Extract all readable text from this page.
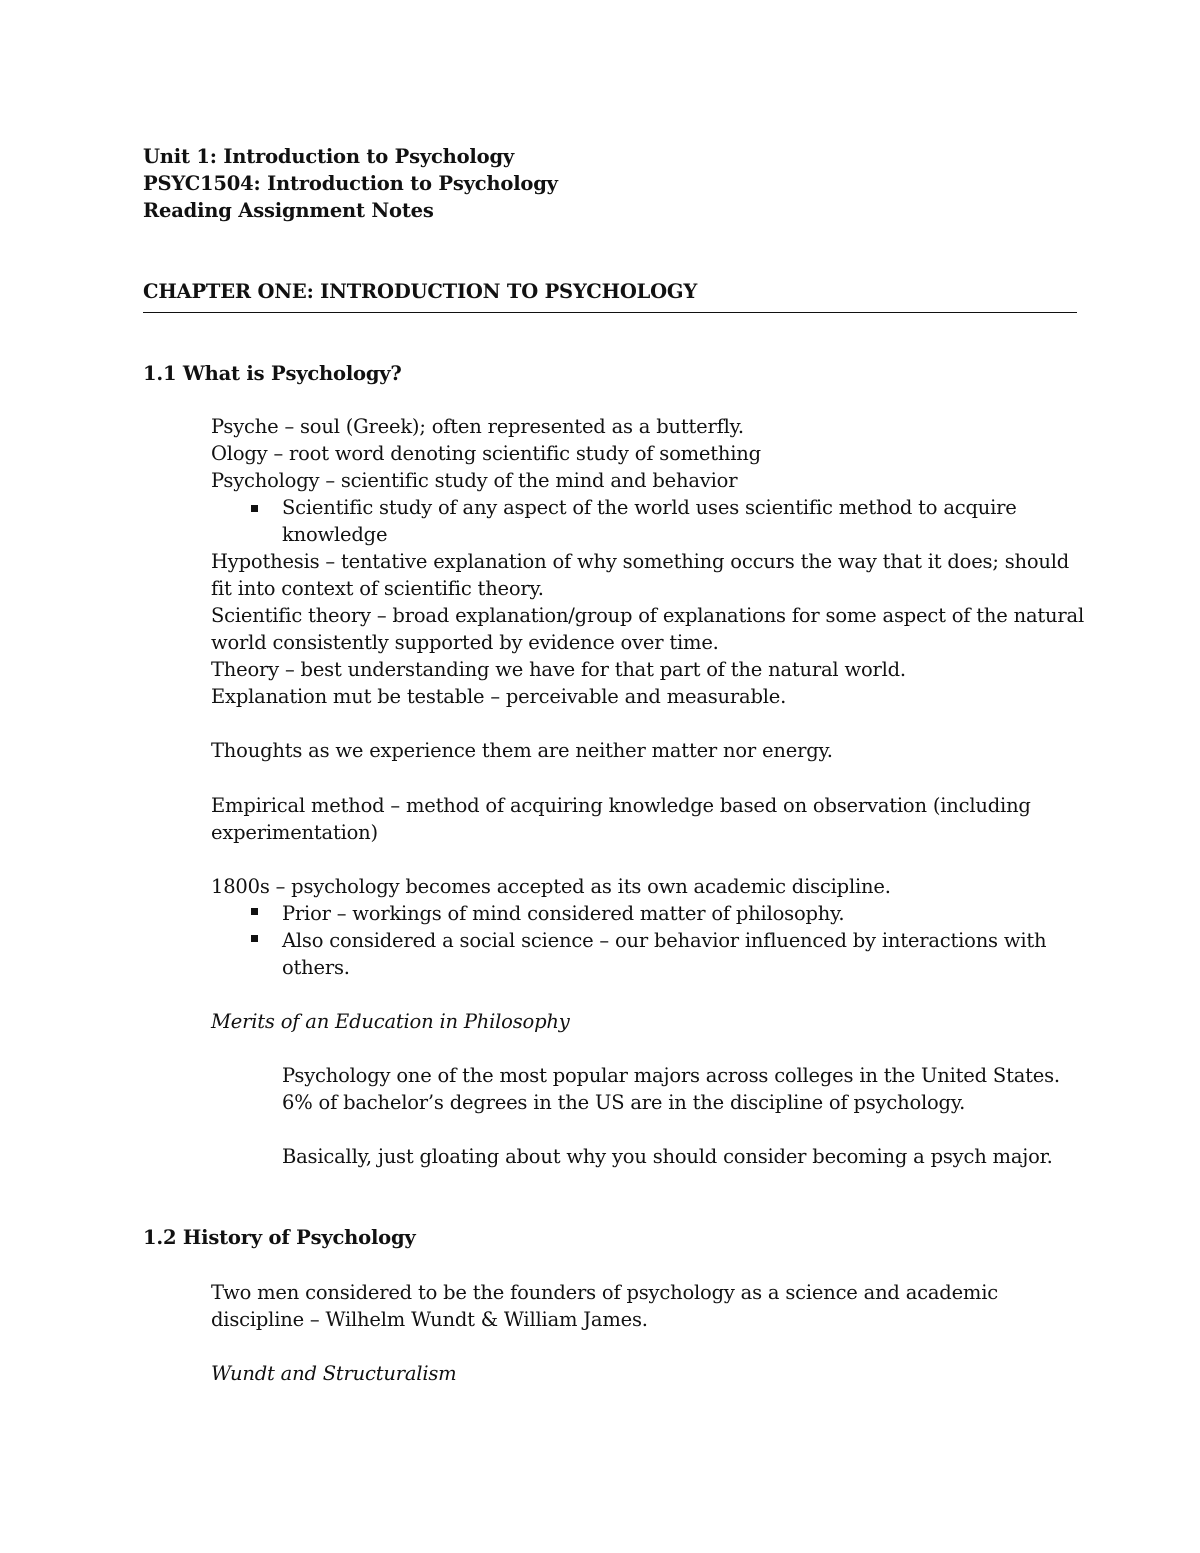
Unit 1: Introduction to Psychology
PSYC1504: Introduction to Psychology
Reading Assignment Notes
CHAPTER ONE: INTRODUCTION TO PSYCHOLOGY
1.1 What is Psychology?
Psyche – soul (Greek); often represented as a butterfly.
Ology – root word denoting scientific study of something
Psychology – scientific study of the mind and behavior
Scientific study of any aspect of the world uses scientific method to acquire
knowledge
Hypothesis – tentative explanation of why something occurs the way that it does; should
fit into context of scientific theory.
Scientific theory – broad explanation/group of explanations for some aspect of the natural
world consistently supported by evidence over time.
Theory – best understanding we have for that part of the natural world.
Explanation mut be testable – perceivable and measurable.
Thoughts as we experience them are neither matter nor energy.
Empirical method – method of acquiring knowledge based on observation (including
experimentation)
1800s – psychology becomes accepted as its own academic discipline.
Prior – workings of mind considered matter of philosophy.
Also considered a social science – our behavior influenced by interactions with
others.
Merits of an Education in Philosophy
Psychology one of the most popular majors across colleges in the United States.
6% of bachelor’s degrees in the US are in the discipline of psychology.
Basically, just gloating about why you should consider becoming a psych major.
1.2 History of Psychology
Two men considered to be the founders of psychology as a science and academic
discipline – Wilhelm Wundt & William James.
Wundt and Structuralism
